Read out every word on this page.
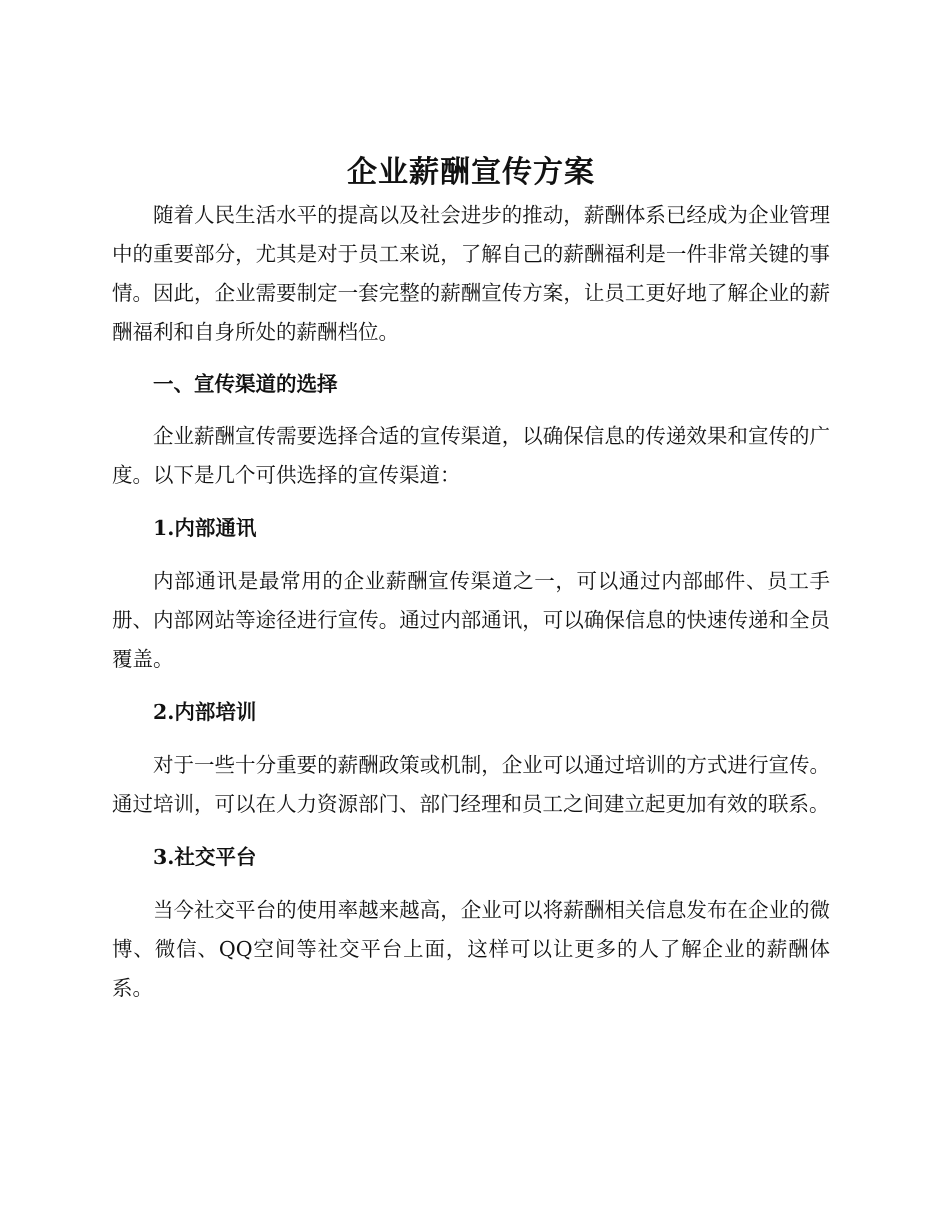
企业薪酬宣传方案

随着人民生活水平的提高以及社会进步的推动，薪酬体系已经成为企业管理中的重要部分，尤其是对于员工来说，了解自己的薪酬福利是一件非常关键的事情。因此，企业需要制定一套完整的薪酬宣传方案，让员工更好地了解企业的薪酬福利和自身所处的薪酬档位。

一、宣传渠道的选择

企业薪酬宣传需要选择合适的宣传渠道，以确保信息的传递效果和宣传的广度。以下是几个可供选择的宣传渠道：

1.内部通讯

内部通讯是最常用的企业薪酬宣传渠道之一，可以通过内部邮件、员工手册、内部网站等途径进行宣传。通过内部通讯，可以确保信息的快速传递和全员覆盖。

2.内部培训

对于一些十分重要的薪酬政策或机制，企业可以通过培训的方式进行宣传。通过培训，可以在人力资源部门、部门经理和员工之间建立起更加有效的联系。

3.社交平台

当今社交平台的使用率越来越高，企业可以将薪酬相关信息发布在企业的微博、微信、QQ空间等社交平台上面，这样可以让更多的人了解企业的薪酬体系。
